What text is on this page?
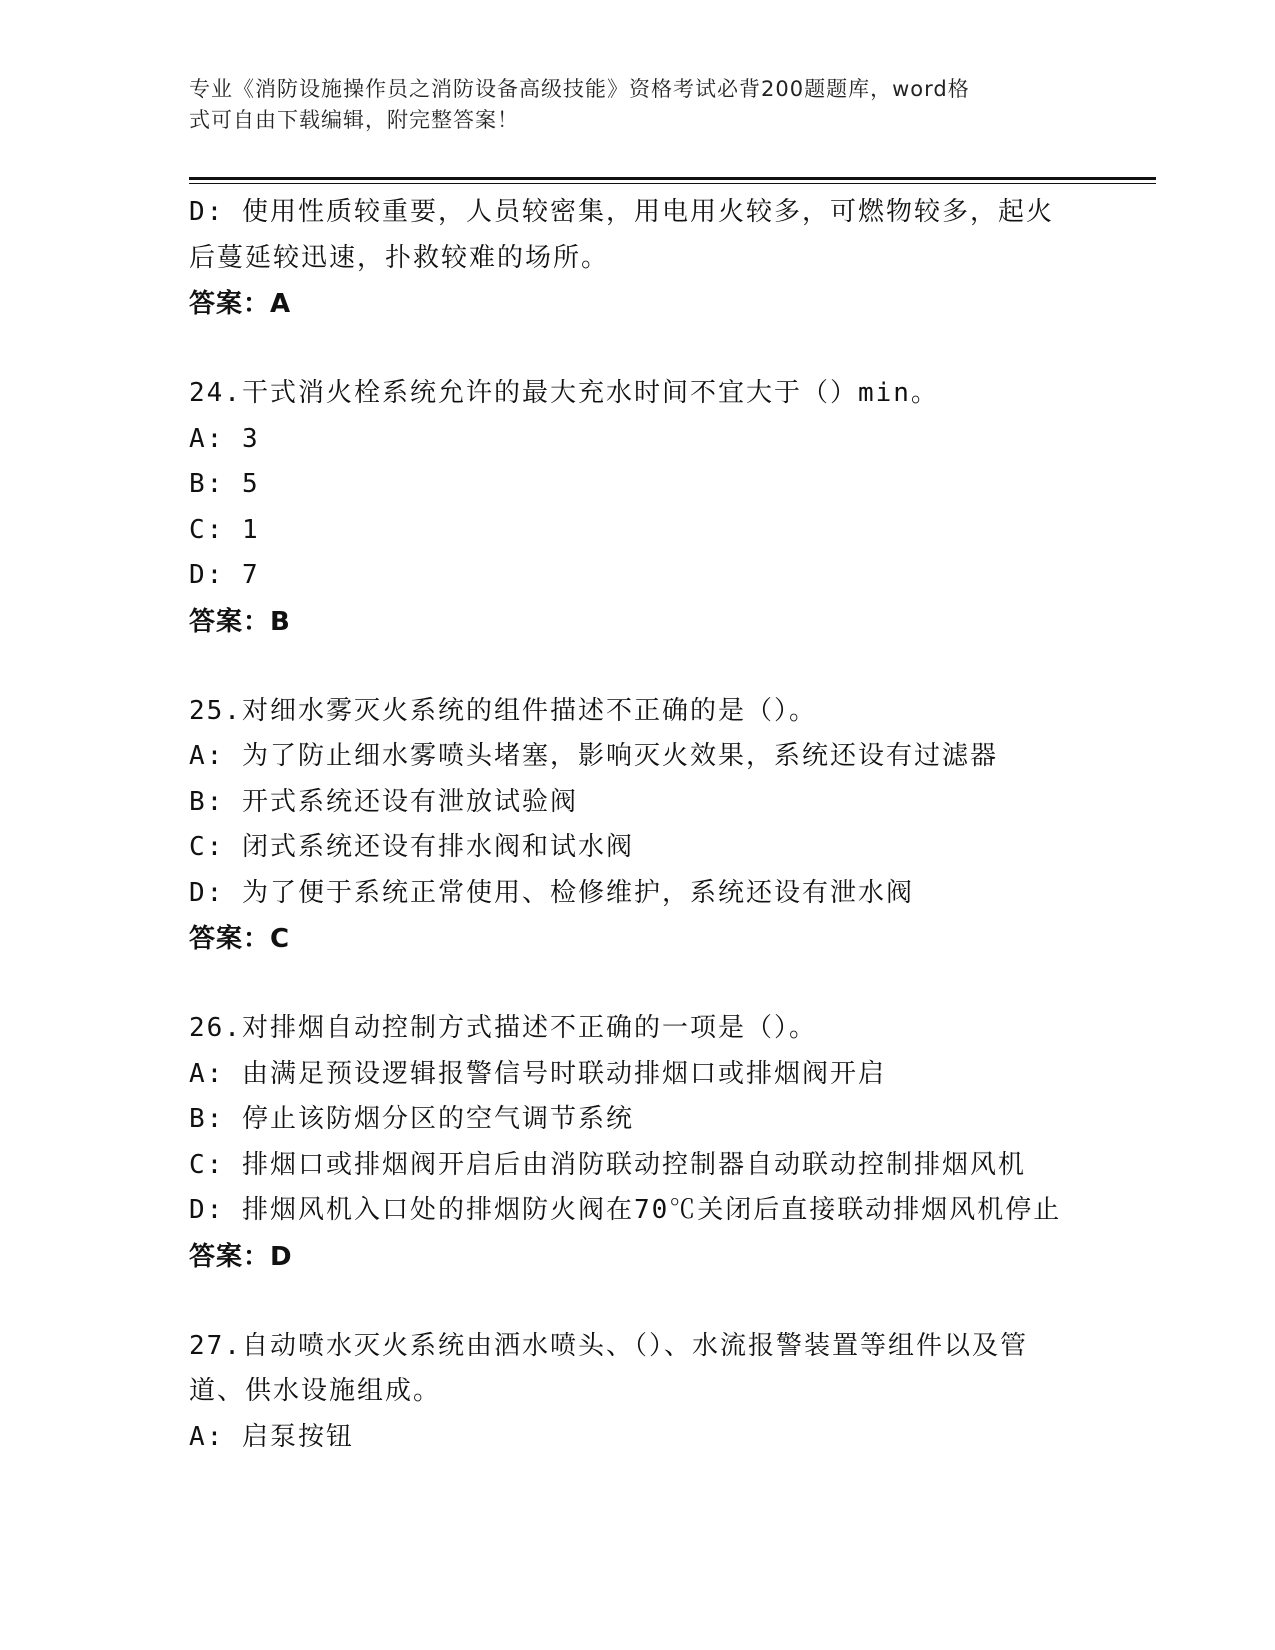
专业《消防设施操作员之消防设备高级技能》资格考试必背200题题库，word格
式可自由下载编辑，附完整答案！
D: 使用性质较重要，人员较密集，用电用火较多，可燃物较多，起火
后蔓延较迅速，扑救较难的场所。
答案：A
24.干式消火栓系统允许的最大充水时间不宜大于（）min。
A: 3
B: 5
C: 1
D: 7
答案：B
25.对细水雾灭火系统的组件描述不正确的是（）。
A: 为了防止细水雾喷头堵塞，影响灭火效果，系统还设有过滤器
B: 开式系统还设有泄放试验阀
C: 闭式系统还设有排水阀和试水阀
D: 为了便于系统正常使用、检修维护，系统还设有泄水阀
答案：C
26.对排烟自动控制方式描述不正确的一项是（）。
A: 由满足预设逻辑报警信号时联动排烟口或排烟阀开启
B: 停止该防烟分区的空气调节系统
C: 排烟口或排烟阀开启后由消防联动控制器自动联动控制排烟风机
D: 排烟风机入口处的排烟防火阀在70℃关闭后直接联动排烟风机停止
答案：D
27.自动喷水灭火系统由洒水喷头、（）、水流报警装置等组件以及管
道、供水设施组成。
A: 启泵按钮
